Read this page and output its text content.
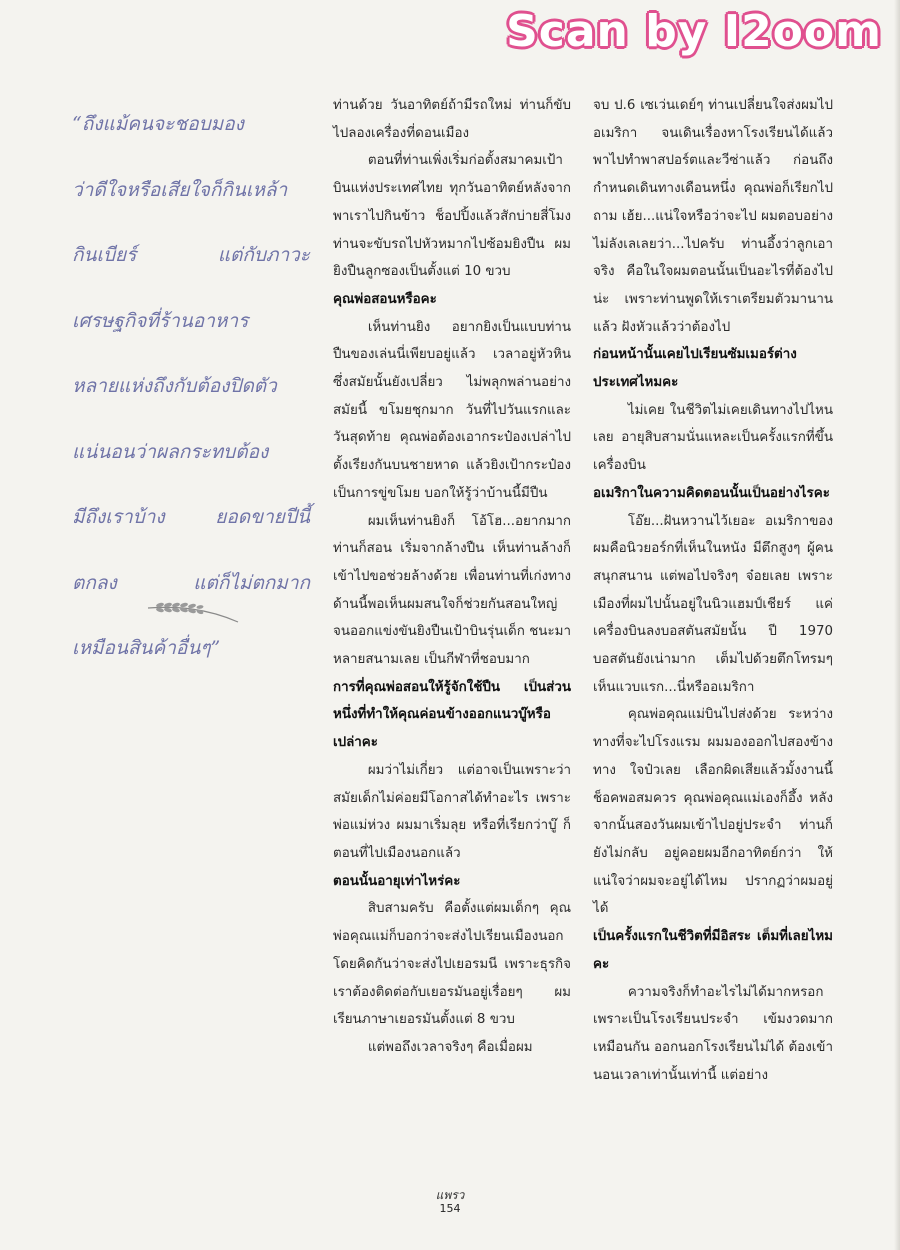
Scan by I2oom
“ถึงแม้คนจะชอบมอง
ว่าดีใจหรือเสียใจก็กินเหล้า
กินเบียร์ แต่กับภาวะ
เศรษฐกิจที่ร้านอาหาร
หลายแห่งถึงกับต้องปิดตัว
แน่นอนว่าผลกระทบต้อง
มีถึงเราบ้าง ยอดขายปีนี้
ตกลง แต่ก็ไม่ตกมาก
เหมือนสินค้าอื่นๆ”

ท่านด้วย วันอาทิตย์ถ้ามีรถใหม่ ท่านก็ขับไปลองเครื่องที่ดอนเมือง

ตอนที่ท่านเพิ่งเริ่มก่อตั้งสมาคมเป้าบินแห่งประเทศไทย ทุกวันอาทิตย์หลังจากพาเราไปกินข้าว ช็อปปิ้งแล้วสักบ่ายสี่โมงท่านจะขับรถไปหัวหมากไปซ้อมยิงปืน ผมยิงปืนลูกซองเป็นตั้งแต่ 10 ขวบ

คุณพ่อสอนหรือคะ

เห็นท่านยิง อยากยิงเป็นแบบท่าน ปืนของเล่นนี่เพียบอยู่แล้ว เวลาอยู่หัวหิน ซึ่งสมัยนั้นยังเปลี่ยว ไม่พลุกพล่านอย่างสมัยนี้ ขโมยชุกมาก วันที่ไปวันแรกและวันสุดท้าย คุณพ่อต้องเอากระป๋องเปล่าไปตั้งเรียงกันบนชายหาด แล้วยิงเป้ากระป๋อง เป็นการขู่ขโมย บอกให้รู้ว่าบ้านนี้มีปืน

ผมเห็นท่านยิงก็ โอ้โฮ...อยากมาก ท่านก็สอน เริ่มจากล้างปืน เห็นท่านล้างก็เข้าไปขอช่วยล้างด้วย เพื่อนท่านที่เก่งทางด้านนี้พอเห็นผมสนใจก็ช่วยกันสอนใหญ่ จนออกแข่งขันยิงปืนเป้าบินรุ่นเด็ก ชนะมาหลายสนามเลย เป็นกีฬาที่ชอบมาก

การที่คุณพ่อสอนให้รู้จักใช้ปืน เป็นส่วนหนึ่งที่ทำให้คุณค่อนข้างออกแนวบู๊หรือเปล่าคะ

ผมว่าไม่เกี่ยว แต่อาจเป็นเพราะว่าสมัยเด็กไม่ค่อยมีโอกาสได้ทำอะไร เพราะพ่อแม่ห่วง ผมมาเริ่มลุย หรือที่เรียกว่าบู๊ ก็ตอนที่ไปเมืองนอกแล้ว

ตอนนั้นอายุเท่าไหร่คะ

สิบสามครับ คือตั้งแต่ผมเด็กๆ คุณพ่อคุณแม่ก็บอกว่าจะส่งไปเรียนเมืองนอก โดยคิดกันว่าจะส่งไปเยอรมนี เพราะธุรกิจเราต้องติดต่อกับเยอรมันอยู่เรื่อยๆ ผมเรียนภาษาเยอรมันตั้งแต่ 8 ขวบ

แต่พอถึงเวลาจริงๆ คือเมื่อผม

จบ ป.6 เซเว่นเดย์ๆ ท่านเปลี่ยนใจส่งผมไปอเมริกา จนเดินเรื่องหาโรงเรียนได้แล้ว พาไปทำพาสปอร์ตและวีซ่าแล้ว ก่อนถึงกำหนดเดินทางเดือนหนึ่ง คุณพ่อก็เรียกไปถาม เฮ้ย...แน่ใจหรือว่าจะไป ผมตอบอย่างไม่ลังเลเลยว่า...ไปครับ ท่านอึ้งว่าลูกเอาจริง คือในใจผมตอนนั้นเป็นอะไรที่ต้องไปน่ะ เพราะท่านพูดให้เราเตรียมตัวมานานแล้ว ฝังหัวแล้วว่าต้องไป

ก่อนหน้านั้นเคยไปเรียนซัมเมอร์ต่างประเทศไหมคะ

ไม่เคย ในชีวิตไม่เคยเดินทางไปไหนเลย อายุสิบสามนั่นแหละเป็นครั้งแรกที่ขึ้นเครื่องบิน

อเมริกาในความคิดตอนนั้นเป็นอย่างไรคะ

โอ๊ย...ฝันหวานไว้เยอะ อเมริกาของผมคือนิวยอร์กที่เห็นในหนัง มีตึกสูงๆ ผู้คนสนุกสนาน แต่พอไปจริงๆ จ๋อยเลย เพราะเมืองที่ผมไปนั้นอยู่ในนิวแฮมป์เชียร์ แค่เครื่องบินลงบอสตันสมัยนั้น ปี 1970 บอสตันยังเน่ามาก เต็มไปด้วยตึกโทรมๆ เห็นแวบแรก...นี่หรืออเมริกา

คุณพ่อคุณแม่บินไปส่งด้วย ระหว่างทางที่จะไปโรงแรม ผมมองออกไปสองข้างทาง ใจป๋วเลย เลือกผิดเสียแล้วมั้งงานนี้ ช็อคพอสมควร คุณพ่อคุณแม่เองก็อึ้ง หลังจากนั้นสองวันผมเข้าไปอยู่ประจำ ท่านก็ยังไม่กลับ อยู่คอยผมอีกอาทิตย์กว่า ให้แน่ใจว่าผมจะอยู่ได้ไหม ปรากฏว่าผมอยู่ได้

เป็นครั้งแรกในชีวิตที่มีอิสระ เต็มที่เลยไหมคะ

ความจริงก็ทำอะไรไม่ได้มากหรอก เพราะเป็นโรงเรียนประจำ เข้มงวดมากเหมือนกัน ออกนอกโรงเรียนไม่ได้ ต้องเข้านอนเวลาเท่านั้นเท่านี้ แต่อย่าง

แพรว
154
